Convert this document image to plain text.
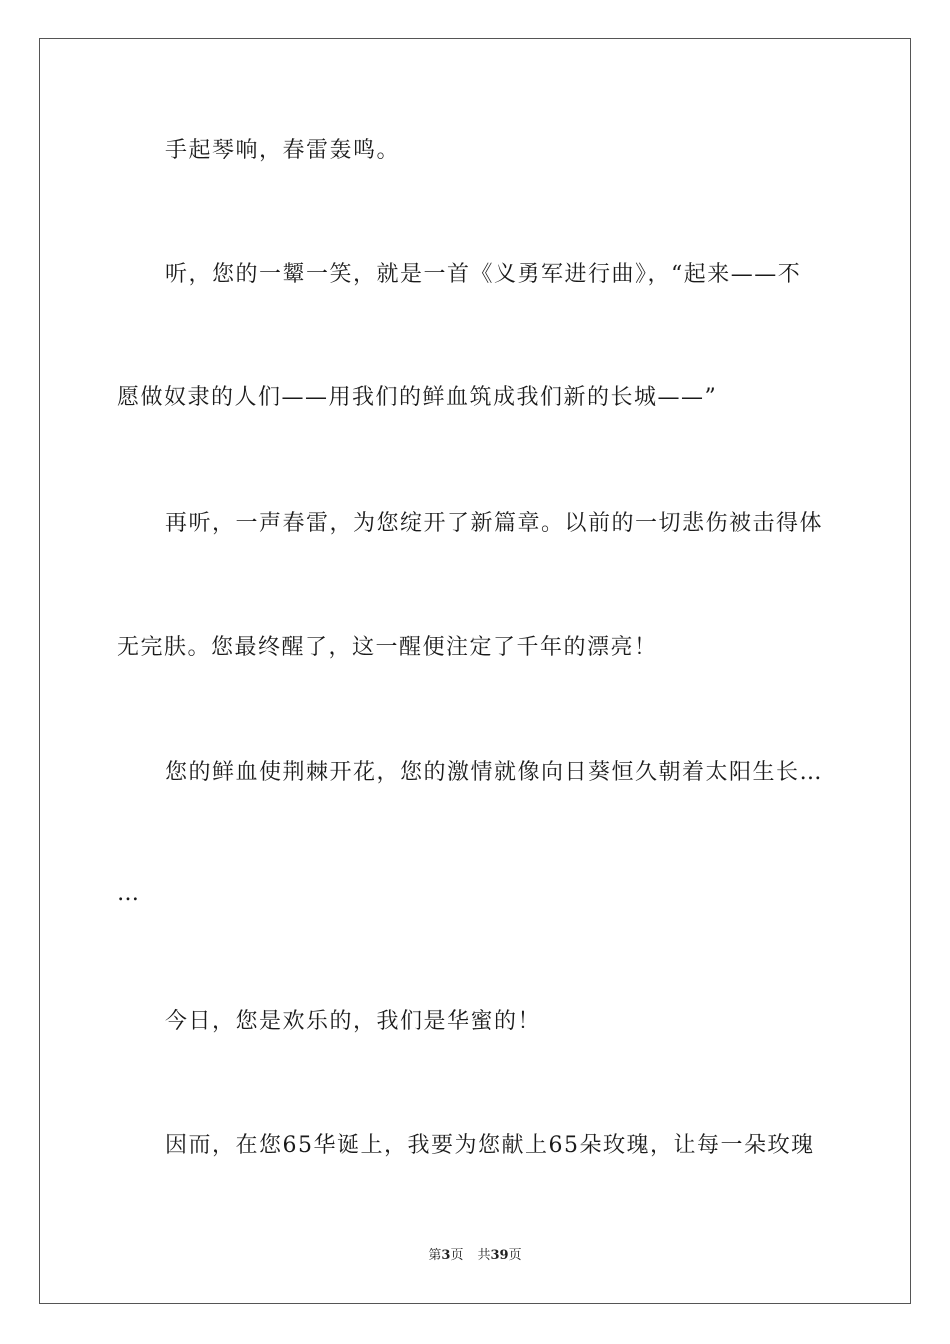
手起琴响，春雷轰鸣。
听，您的一颦一笑，就是一首《义勇军进行曲》，“起来——不
愿做奴隶的人们——用我们的鲜血筑成我们新的长城——”
再听，一声春雷，为您绽开了新篇章。以前的一切悲伤被击得体
无完肤。您最终醒了，这一醒便注定了千年的漂亮！
您的鲜血使荆棘开花，您的激情就像向日葵恒久朝着太阳生长…
…
今日，您是欢乐的，我们是华蜜的！
因而，在您65华诞上，我要为您献上65朵玫瑰，让每一朵玫瑰
第3页 共39页
